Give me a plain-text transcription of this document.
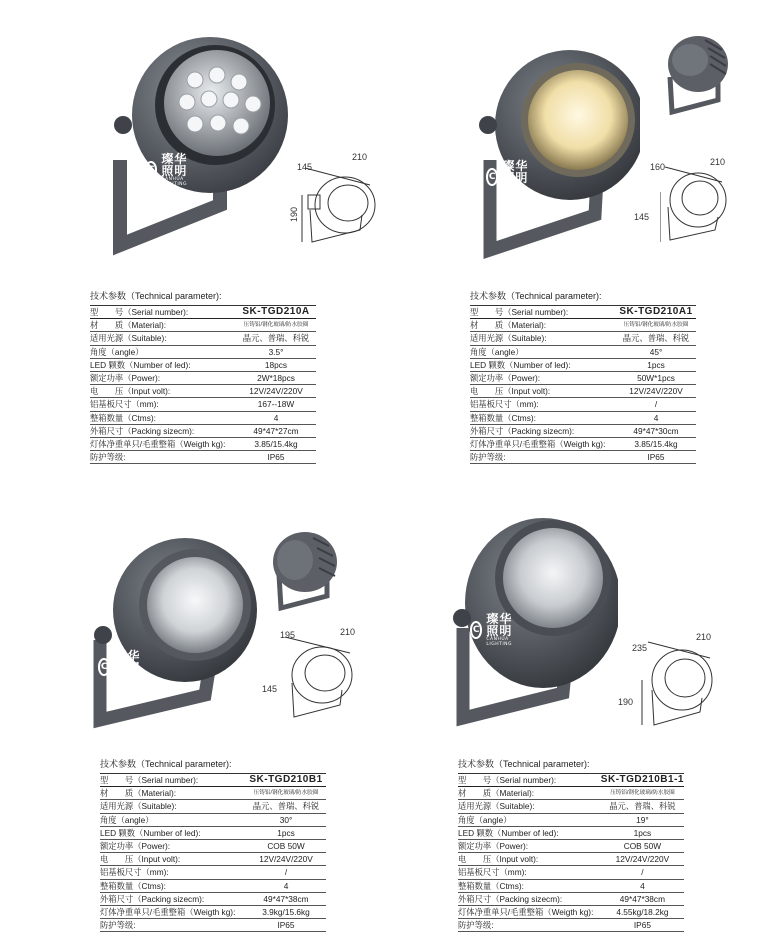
C
璨华照明
CANHUA LIGHTING
210
145
190
技术参数（Technical parameter):
型　　号（Serial number):	SK-TGD210A
材　　质（Material):	压铸铝/钢化玻璃/防水胶圈
适用光源（Suitable):	晶元、普瑞、科锐
角度（angle）	3.5°
LED 颗数（Number of led):	18pcs
额定功率（Power):	2W*18pcs
电　　压（Input volt):	12V/24V/220V
铝基板尺寸（mm):	167--18W
整箱数量（Ctms):	4
外箱尺寸（Packing sizecm):	49*47*27cm
灯体净重单只/毛重整箱（Weigth kg):	3.85/15.4kg
防护等级:	IP65
C
璨华照明
CANHUA LIGHTING
210
160
145
技术参数（Technical parameter):
型　　号（Serial number):	SK-TGD210A1
材　　质（Material):	压铸铝/钢化玻璃/防水胶圈
适用光源（Suitable):	晶元、普瑞、科锐
角度（angle）	45°
LED 颗数（Number of led):	1pcs
额定功率（Power):	50W*1pcs
电　　压（Input volt):	12V/24V/220V
铝基板尺寸（mm):	/
整箱数量（Ctms):	4
外箱尺寸（Packing sizecm):	49*47*30cm
灯体净重单只/毛重整箱（Weigth kg):	3.85/15.4kg
防护等级:	IP65
C
璨华照明
CANHUA LIGHTING
210
195
145
技术参数（Technical parameter):
型　　号（Serial number):	SK-TGD210B1
材　　质（Material):	压铸铝/钢化玻璃/防水胶圈
适用光源（Suitable):	晶元、普瑞、科锐
角度（angle）	30°
LED 颗数（Number of led):	1pcs
额定功率（Power):	COB 50W
电　　压（Input volt):	12V/24V/220V
铝基板尺寸（mm):	/
整箱数量（Ctms):	4
外箱尺寸（Packing sizecm):	49*47*38cm
灯体净重单只/毛重整箱（Weigth kg):	3.9kg/15.6kg
防护等级:	IP65
C
璨华照明
CANHUA LIGHTING
210
235
190
技术参数（Technical parameter):
型　　号（Serial number):	SK-TGD210B1-1
材　　质（Material):	压铸铝/钢化玻璃/防水胶圈
适用光源（Suitable):	晶元、普瑞、科锐
角度（angle）	19°
LED 颗数（Number of led):	1pcs
额定功率（Power):	COB 50W
电　　压（Input volt):	12V/24V/220V
铝基板尺寸（mm):	/
整箱数量（Ctms):	4
外箱尺寸（Packing sizecm):	49*47*38cm
灯体净重单只/毛重整箱（Weigth kg):	4.55kg/18.2kg
防护等级:	IP65
